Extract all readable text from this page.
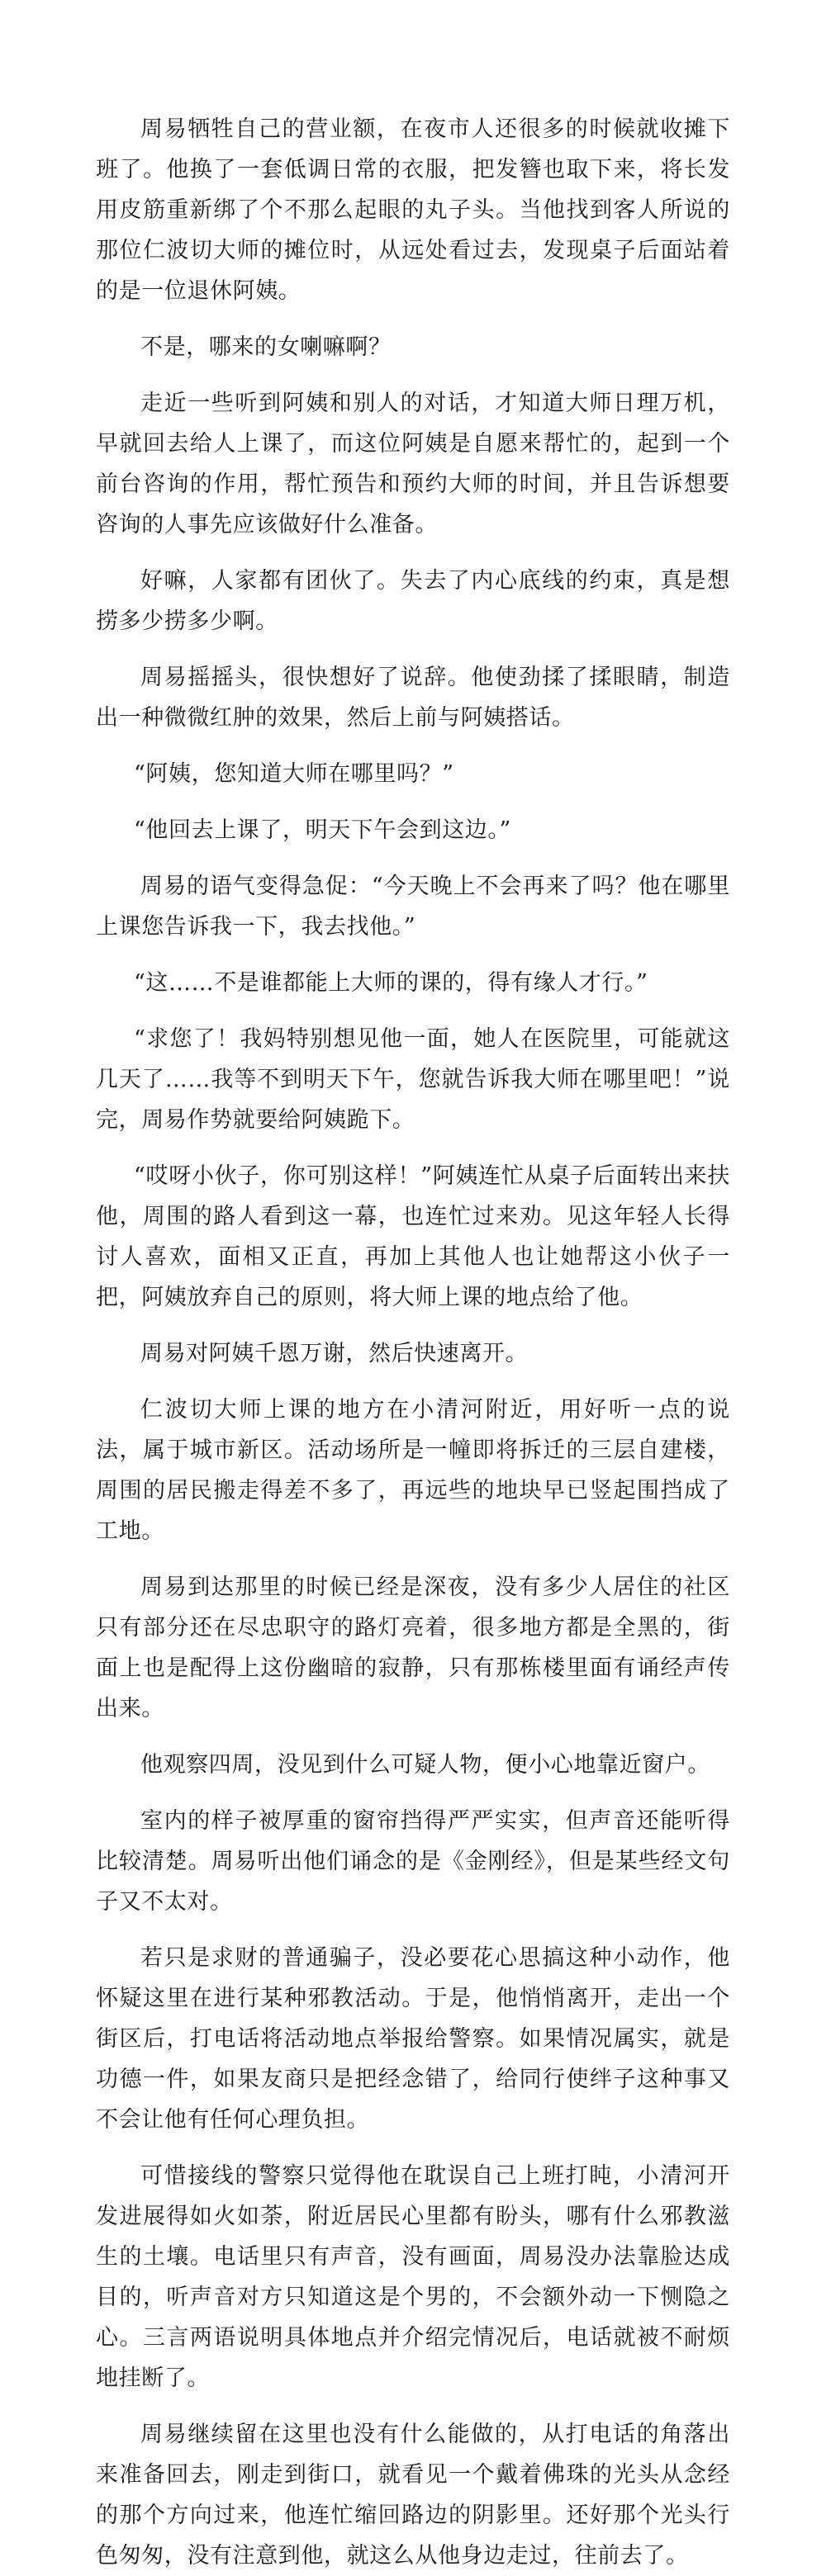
周易牺牲自己的营业额，在夜市人还很多的时候就收摊下班了。他换了一套低调日常的衣服，把发簪也取下来，将长发用皮筋重新绑了个不那么起眼的丸子头。当他找到客人所说的那位仁波切大师的摊位时，从远处看过去，发现桌子后面站着的是一位退休阿姨。

不是，哪来的女喇嘛啊？

走近一些听到阿姨和别人的对话，才知道大师日理万机，早就回去给人上课了，而这位阿姨是自愿来帮忙的，起到一个前台咨询的作用，帮忙预告和预约大师的时间，并且告诉想要咨询的人事先应该做好什么准备。

好嘛，人家都有团伙了。失去了内心底线的约束，真是想捞多少捞多少啊。

周易摇摇头，很快想好了说辞。他使劲揉了揉眼睛，制造出一种微微红肿的效果，然后上前与阿姨搭话。

“阿姨，您知道大师在哪里吗？”

“他回去上课了，明天下午会到这边。”

周易的语气变得急促：“今天晚上不会再来了吗？他在哪里上课您告诉我一下，我去找他。”

“这……不是谁都能上大师的课的，得有缘人才行。”

“求您了！我妈特别想见他一面，她人在医院里，可能就这几天了……我等不到明天下午，您就告诉我大师在哪里吧！”说完，周易作势就要给阿姨跪下。

“哎呀小伙子，你可别这样！”阿姨连忙从桌子后面转出来扶他，周围的路人看到这一幕，也连忙过来劝。见这年轻人长得讨人喜欢，面相又正直，再加上其他人也让她帮这小伙子一把，阿姨放弃自己的原则，将大师上课的地点给了他。

周易对阿姨千恩万谢，然后快速离开。

仁波切大师上课的地方在小清河附近，用好听一点的说法，属于城市新区。活动场所是一幢即将拆迁的三层自建楼，周围的居民搬走得差不多了，再远些的地块早已竖起围挡成了工地。

周易到达那里的时候已经是深夜，没有多少人居住的社区只有部分还在尽忠职守的路灯亮着，很多地方都是全黑的，街面上也是配得上这份幽暗的寂静，只有那栋楼里面有诵经声传出来。

他观察四周，没见到什么可疑人物，便小心地靠近窗户。

室内的样子被厚重的窗帘挡得严严实实，但声音还能听得比较清楚。周易听出他们诵念的是《金刚经》，但是某些经文句子又不太对。

若只是求财的普通骗子，没必要花心思搞这种小动作，他怀疑这里在进行某种邪教活动。于是，他悄悄离开，走出一个街区后，打电话将活动地点举报给警察。如果情况属实，就是功德一件，如果友商只是把经念错了，给同行使绊子这种事又不会让他有任何心理负担。

可惜接线的警察只觉得他在耽误自己上班打盹，小清河开发进展得如火如荼，附近居民心里都有盼头，哪有什么邪教滋生的土壤。电话里只有声音，没有画面，周易没办法靠脸达成目的，听声音对方只知道这是个男的，不会额外动一下恻隐之心。三言两语说明具体地点并介绍完情况后，电话就被不耐烦地挂断了。

周易继续留在这里也没有什么能做的，从打电话的角落出来准备回去，刚走到街口，就看见一个戴着佛珠的光头从念经的那个方向过来，他连忙缩回路边的阴影里。还好那个光头行色匆匆，没有注意到他，就这么从他身边走过，往前去了。
